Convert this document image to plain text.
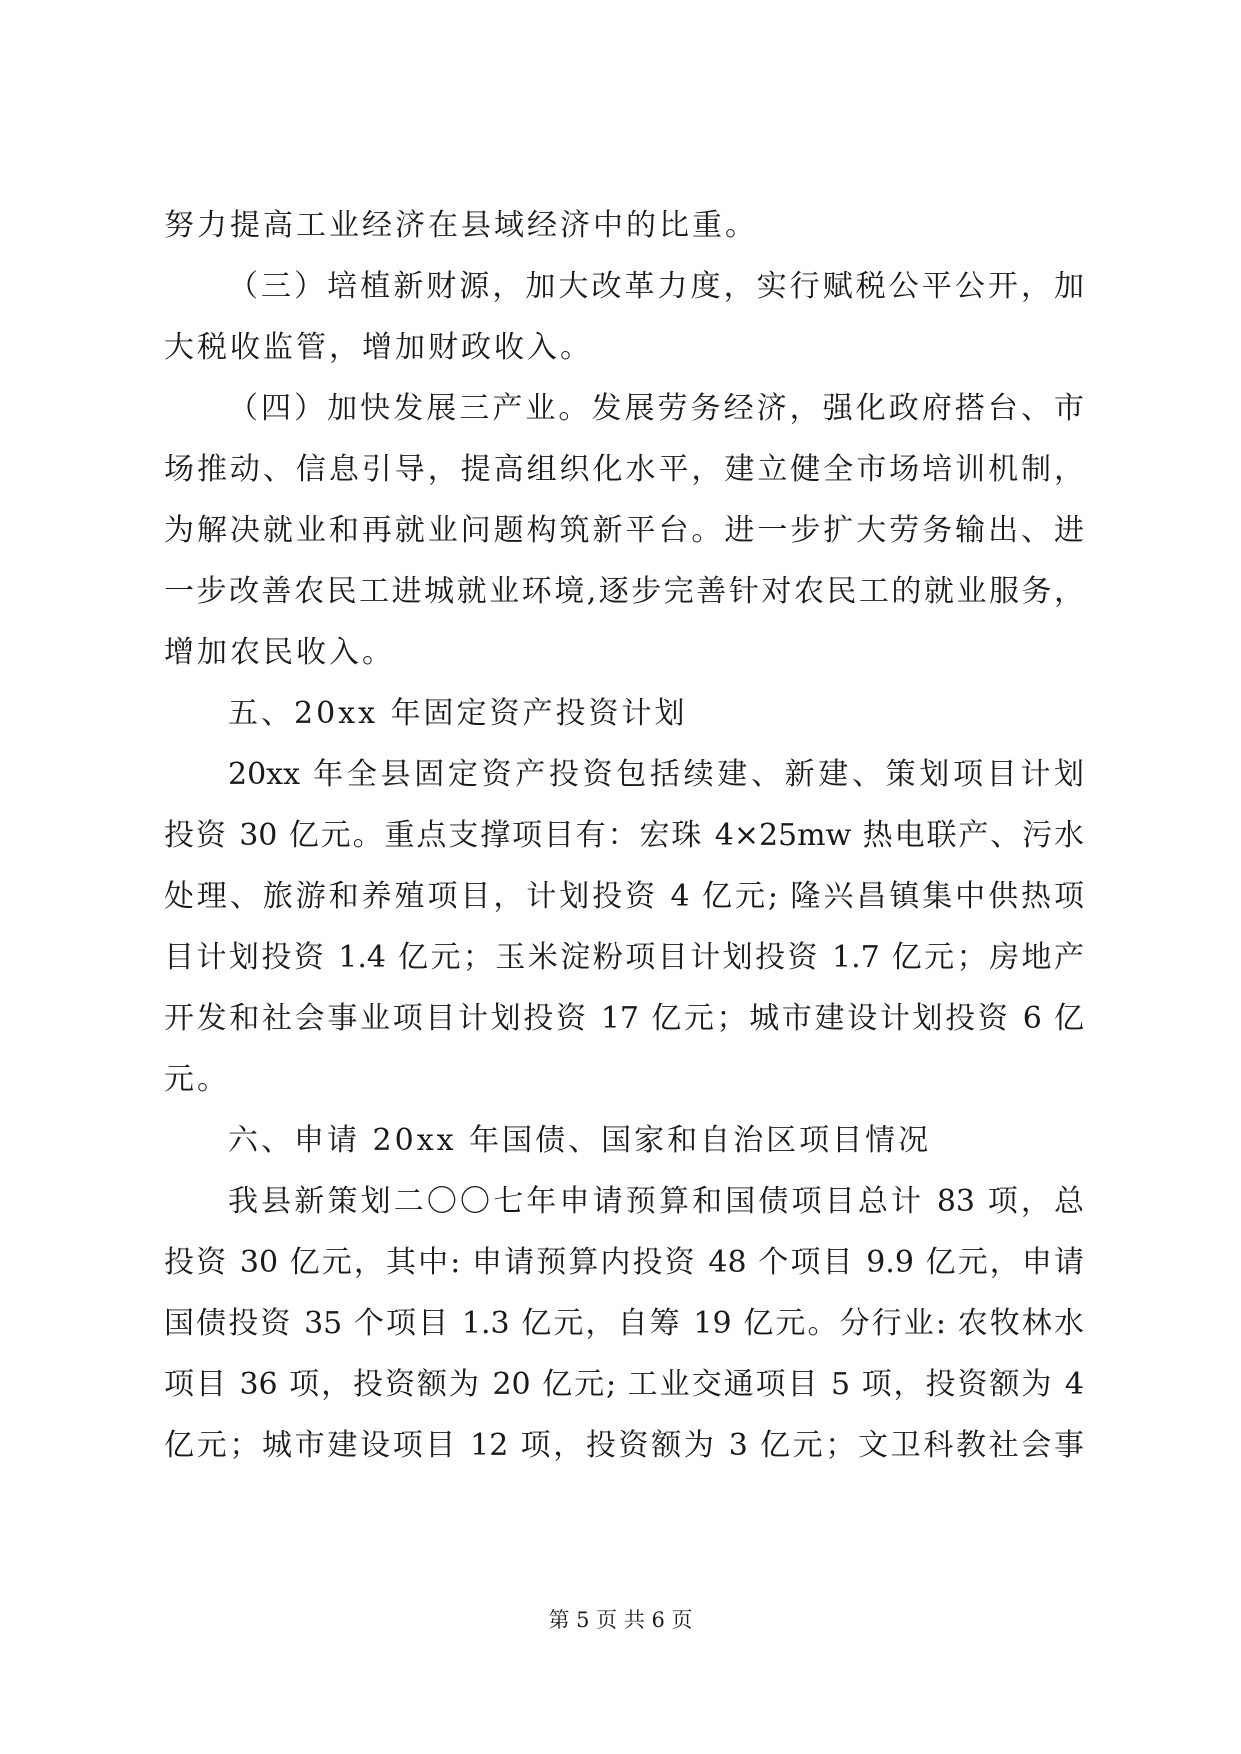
努力提高工业经济在县域经济中的比重。
（三）培植新财源，加大改革力度，实行赋税公平公开，加
大税收监管，增加财政收入。
（四）加快发展三产业。发展劳务经济，强化政府搭台、市
场推动、信息引导，提高组织化水平，建立健全市场培训机制，
为解决就业和再就业问题构筑新平台。进一步扩大劳务输出、进
一步改善农民工进城就业环境,逐步完善针对农民工的就业服务，
增加农民收入。
五、20xx 年固定资产投资计划
20xx 年全县固定资产投资包括续建、新建、策划项目计划
投资 30 亿元。重点支撑项目有：宏珠 4×25mw 热电联产、污水
处理、旅游和养殖项目，计划投资 4 亿元; 隆兴昌镇集中供热项
目计划投资 1.4 亿元；玉米淀粉项目计划投资 1.7 亿元；房地产
开发和社会事业项目计划投资 17 亿元；城市建设计划投资 6 亿
元。
六、申请 20xx 年国债、国家和自治区项目情况
我县新策划二〇〇七年申请预算和国债项目总计 83 项，总
投资 30 亿元，其中: 申请预算内投资 48 个项目 9.9 亿元，申请
国债投资 35 个项目 1.3 亿元，自筹 19 亿元。分行业: 农牧林水
项目 36 项，投资额为 20 亿元; 工业交通项目 5 项，投资额为 4
亿元；城市建设项目 12 项，投资额为 3 亿元；文卫科教社会事
第 5 页 共 6 页
